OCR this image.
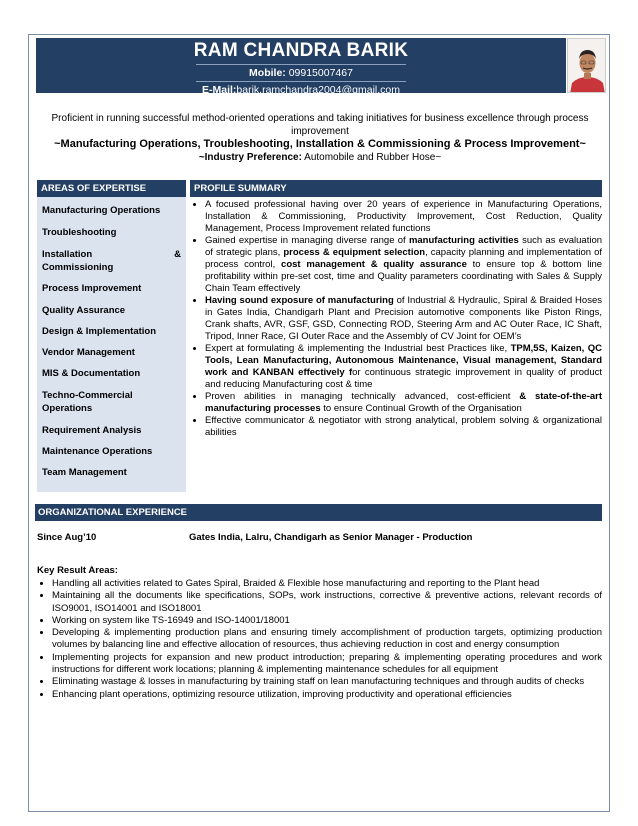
RAM CHANDRA BARIK
Mobile: 09915007467
E-Mail:barik.ramchandra2004@gmail.com
Proficient in running successful method-oriented operations and taking initiatives for business excellence through process improvement
~Manufacturing Operations, Troubleshooting, Installation & Commissioning & Process Improvement~
~Industry Preference: Automobile and Rubber Hose~
AREAS OF EXPERTISE
Manufacturing Operations
Troubleshooting
Installation	&
Commissioning
Process Improvement
Quality Assurance
Design & Implementation
Vendor Management
MIS & Documentation
Techno-Commercial Operations
Requirement Analysis
Maintenance Operations
Team Management
PROFILE SUMMARY
• A focused professional having over 20 years of experience in Manufacturing Operations, Installation & Commissioning, Productivity Improvement, Cost Reduction, Quality Management, Process Improvement related functions
• Gained expertise in managing diverse range of manufacturing activities such as evaluation of strategic plans, process & equipment selection, capacity planning and implementation of process control, cost management & quality assurance to ensure top & bottom line profitability within pre-set cost, time and Quality parameters coordinating with Sales & Supply Chain Team effectively
• Having sound exposure of manufacturing of Industrial & Hydraulic, Spiral & Braided Hoses in Gates India, Chandigarh Plant and Precision automotive components like Piston Rings, Crank shafts, AVR, GSF, GSD, Connecting ROD, Steering Arm and AC Outer Race, IC Shaft, Tripod, Inner Race, GI Outer Race and the Assembly of CV Joint for OEM’s
• Expert at formulating & implementing the Industrial best Practices like, TPM,5S, Kaizen, QC Tools, Lean Manufacturing, Autonomous Maintenance, Visual management, Standard work and KANBAN effectively for continuous strategic improvement in quality of product and reducing Manufacturing cost & time
• Proven abilities in managing technically advanced, cost-efficient & state-of-the-art manufacturing processes to ensure Continual Growth of the Organisation
• Effective communicator & negotiator with strong analytical, problem solving & organizational abilities
ORGANIZATIONAL EXPERIENCE
Since Aug’10	Gates India, Lalru, Chandigarh as Senior Manager - Production
Key Result Areas:
• Handling all activities related to Gates Spiral, Braided & Flexible hose manufacturing and reporting to the Plant head
• Maintaining all the documents like specifications, SOPs, work instructions, corrective & preventive actions, relevant records of ISO9001, ISO14001 and ISO18001
• Working on system like TS-16949 and ISO-14001/18001
• Developing & implementing production plans and ensuring timely accomplishment of production targets, optimizing production volumes by balancing line and effective allocation of resources, thus achieving reduction in cost and energy consumption
• Implementing projects for expansion and new product introduction; preparing & implementing operating procedures and work instructions for different work locations; planning & implementing maintenance schedules for all equipment
• Eliminating wastage & losses in manufacturing by training staff on lean manufacturing techniques and through audits of checks
• Enhancing plant operations, optimizing resource utilization, improving productivity and operational efficiencies
